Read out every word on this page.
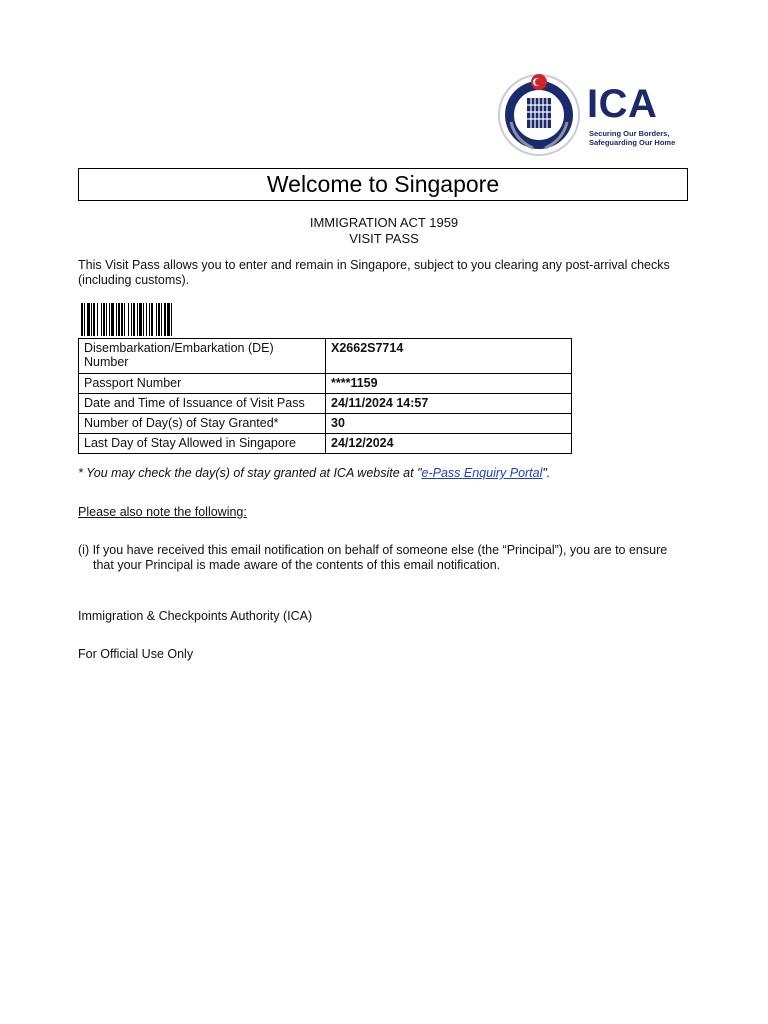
ICA
Securing Our Borders,
Safeguarding Our Home
Welcome to Singapore
IMMIGRATION ACT 1959
VISIT PASS
This Visit Pass allows you to enter and remain in Singapore, subject to you clearing any post-arrival checks (including customs).
Disembarkation/Embarkation (DE) Number	X2662S7714
Passport Number	****1159
Date and Time of Issuance of Visit Pass	24/11/2024 14:57
Number of Day(s) of Stay Granted*	30
Last Day of Stay Allowed in Singapore	24/12/2024
* You may check the day(s) of stay granted at ICA website at "e-Pass Enquiry Portal".
Please also note the following:
(i) If you have received this email notification on behalf of someone else (the “Principal”), you are to ensure
that your Principal is made aware of the contents of this email notification.
Immigration & Checkpoints Authority (ICA)
For Official Use Only
